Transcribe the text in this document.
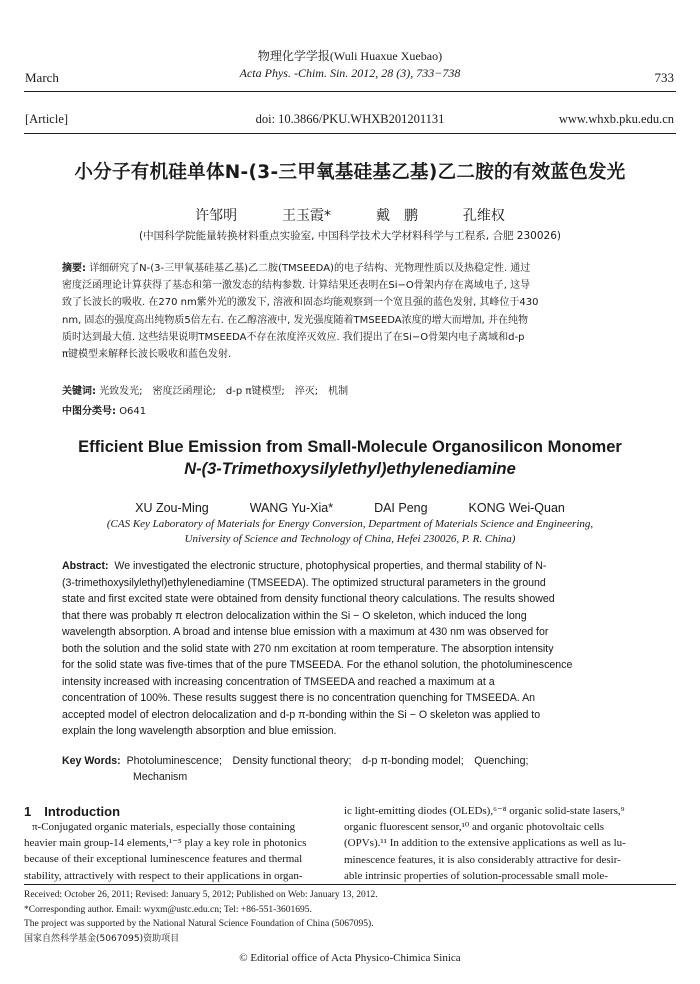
物理化学学报(Wuli Huaxue Xuebao)
Acta Phys. -Chim. Sin. 2012, 28 (3), 733−738
March	733
[Article]	doi: 10.3866/PKU.WHXB201201131	www.whxb.pku.edu.cn
小分子有机硅单体N-(3-三甲氧基硅基乙基)乙二胺的有效蓝色发光
许邹明	王玉霞*	戴　鹏	孔维权
(中国科学院能量转换材料重点实验室, 中国科学技术大学材料科学与工程系, 合肥 230026)
摘要: 详细研究了N-(3-三甲氧基硅基乙基)乙二胺(TMSEEDA)的电子结构、光物理性质以及热稳定性. 通过
密度泛函理论计算获得了基态和第一激发态的结构参数. 计算结果还表明在Si−O骨架内存在离域电子, 这导
致了长波长的吸收. 在270 nm紫外光的激发下, 溶液和固态均能观察到一个宽且强的蓝色发射, 其峰位于430
nm, 固态的强度高出纯物质5倍左右. 在乙醇溶液中, 发光强度随着TMSEEDA浓度的增大而增加, 并在纯物
质时达到最大值. 这些结果说明TMSEEDA不存在浓度淬灭效应. 我们提出了在Si−O骨架内电子离域和d-p
π键模型来解释长波长吸收和蓝色发射.
关键词: 光致发光;　密度泛函理论;　d-p π键模型;　淬灭;　机制
中图分类号: O641
Efficient Blue Emission from Small-Molecule Organosilicon Monomer
N-(3-Trimethoxysilylethyl)ethylenediamine
XU Zou-Ming	WANG Yu-Xia*	DAI Peng	KONG Wei-Quan
(CAS Key Laboratory of Materials for Energy Conversion, Department of Materials Science and Engineering,
University of Science and Technology of China, Hefei 230026, P. R. China)
Abstract: We investigated the electronic structure, photophysical properties, and thermal stability of N-
(3-trimethoxysilylethyl)ethylenediamine (TMSEEDA). The optimized structural parameters in the ground
state and first excited state were obtained from density functional theory calculations. The results showed
that there was probably π electron delocalization within the Si − O skeleton, which induced the long
wavelength absorption. A broad and intense blue emission with a maximum at 430 nm was observed for
both the solution and the solid state with 270 nm excitation at room temperature. The absorption intensity
for the solid state was five-times that of the pure TMSEEDA. For the ethanol solution, the photoluminescence
intensity increased with increasing concentration of TMSEEDA and reached a maximum at a
concentration of 100%. These results suggest there is no concentration quenching for TMSEEDA. An
accepted model of electron delocalization and d-p π-bonding within the Si − O skeleton was applied to
explain the long wavelength absorption and blue emission.
Key Words: Photoluminescence;　Density functional theory;　d-p π-bonding model;　Quenching;
Mechanism
1　Introduction
π-Conjugated organic materials, especially those containing
heavier main group-14 elements,¹⁻⁵ play a key role in photonics
because of their exceptional luminescence features and thermal
stability, attractively with respect to their applications in organ-
ic light-emitting diodes (OLEDs),⁶⁻⁸ organic solid-state lasers,⁹
organic fluorescent sensor,¹⁰ and organic photovoltaic cells
(OPVs).¹¹ In addition to the extensive applications as well as lu-
minescence features, it is also considerably attractive for desir-
able intrinsic properties of solution-processable small mole-
Received: October 26, 2011; Revised: January 5, 2012; Published on Web: January 13, 2012.
*Corresponding author. Email: wyxm@ustc.edu.cn; Tel: +86-551-3601695.
The project was supported by the National Natural Science Foundation of China (5067095).
国家自然科学基金(5067095)资助项目
© Editorial office of Acta Physico-Chimica Sinica
